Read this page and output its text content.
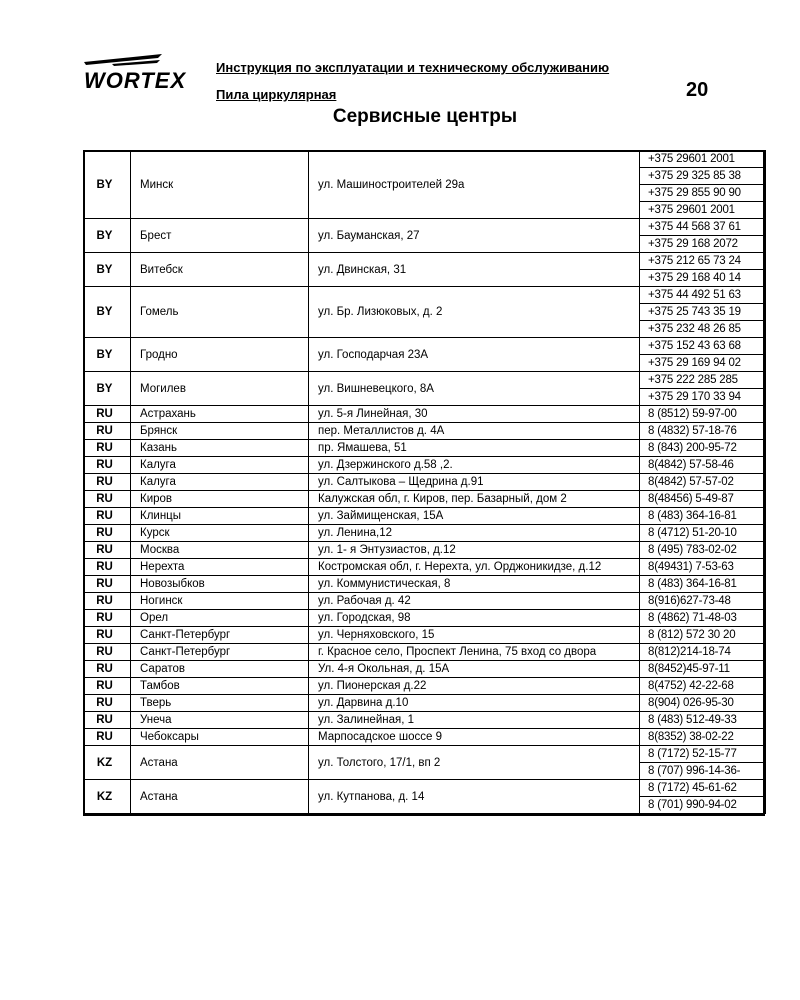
WORTEX
Инструкция по эксплуатации и техническому обслуживанию
Пила циркулярная	20
Сервисные центры
BY	Минск	ул. Машиностроителей 29а	+375 29601 2001
			+375 29 325 85 38
			+375 29 855 90 90
			+375 29601 2001
BY	Брест	ул. Бауманская, 27	+375 44 568 37 61
			+375 29 168 2072
BY	Витебск	ул. Двинская, 31	+375 212 65 73 24
			+375 29 168 40 14
BY	Гомель	ул. Бр. Лизюковых, д. 2	+375 44 492 51 63
			+375 25 743 35 19
			+375 232 48 26 85
BY	Гродно	ул. Господарчая 23А	+375 152 43 63 68
			+375 29 169 94 02
BY	Могилев	ул. Вишневецкого, 8А	+375 222 285 285
			+375 29 170 33 94
RU	Астрахань	ул. 5-я Линейная, 30	8 (8512) 59-97-00
RU	Брянск	пер. Металлистов д. 4А	8 (4832) 57-18-76
RU	Казань	пр. Ямашева, 51	8 (843) 200-95-72
RU	Калуга	ул. Дзержинского д.58 ,2.	8(4842) 57-58-46
RU	Калуга	ул. Салтыкова – Щедрина д.91	8(4842) 57-57-02
RU	Киров	Калужская обл, г. Киров, пер. Базарный, дом 2	8(48456) 5-49-87
RU	Клинцы	ул. Займищенская, 15А	8 (483) 364-16-81
RU	Курск	ул. Ленина,12	8 (4712) 51-20-10
RU	Москва	ул. 1- я Энтузиастов, д.12	8 (495) 783-02-02
RU	Нерехта	Костромская обл, г. Нерехта, ул. Орджоникидзе, д.12	8(49431) 7-53-63
RU	Новозыбков	ул. Коммунистическая, 8	8 (483) 364-16-81
RU	Ногинск	ул. Рабочая д. 42	8(916)627-73-48
RU	Орел	ул. Городская, 98	8 (4862) 71-48-03
RU	Санкт-Петербург	ул. Черняховского, 15	8 (812) 572 30 20
RU	Санкт-Петербург	г. Красное село, Проспект Ленина, 75 вход со двора	8(812)214-18-74
RU	Саратов	Ул. 4-я Окольная, д. 15А	8(8452)45-97-11
RU	Тамбов	ул. Пионерская д.22	8(4752) 42-22-68
RU	Тверь	ул. Дарвина д.10	8(904) 026-95-30
RU	Унеча	ул. Залинейная, 1	8 (483) 512-49-33
RU	Чебоксары	Марпосадское шоссе 9	8(8352) 38-02-22
KZ	Астана	ул. Толстого, 17/1, вп 2	8 (7172) 52-15-77
			8 (707) 996-14-36-
KZ	Астана	ул. Кутпанова, д. 14	8 (7172) 45-61-62
			8 (701) 990-94-02
